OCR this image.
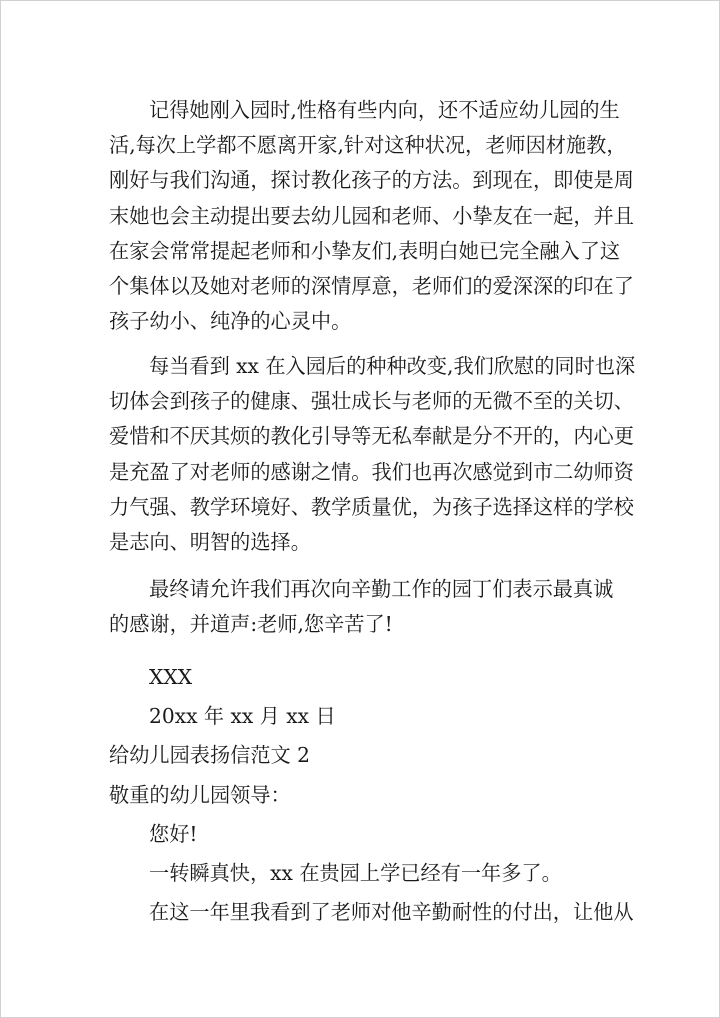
记得她刚入园时,性格有些内向，还不适应幼儿园的生
活,每次上学都不愿离开家,针对这种状况，老师因材施教，
刚好与我们沟通，探讨教化孩子的方法。到现在，即使是周
末她也会主动提出要去幼儿园和老师、小挚友在一起，并且
在家会常常提起老师和小挚友们,表明白她已完全融入了这
个集体以及她对老师的深情厚意，老师们的爱深深的印在了
孩子幼小、纯净的心灵中。
每当看到 xx 在入园后的种种改变,我们欣慰的同时也深
切体会到孩子的健康、强壮成长与老师的无微不至的关切、
爱惜和不厌其烦的教化引导等无私奉献是分不开的，内心更
是充盈了对老师的感谢之情。我们也再次感觉到市二幼师资
力气强、教学环境好、教学质量优，为孩子选择这样的学校
是志向、明智的选择。
最终请允许我们再次向辛勤工作的园丁们表示最真诚
的感谢，并道声:老师,您辛苦了!
XXX
20xx 年 xx 月 xx 日
给幼儿园表扬信范文 2
敬重的幼儿园领导：
您好!
一转瞬真快，xx 在贵园上学已经有一年多了。
在这一年里我看到了老师对他辛勤耐性的付出，让他从
